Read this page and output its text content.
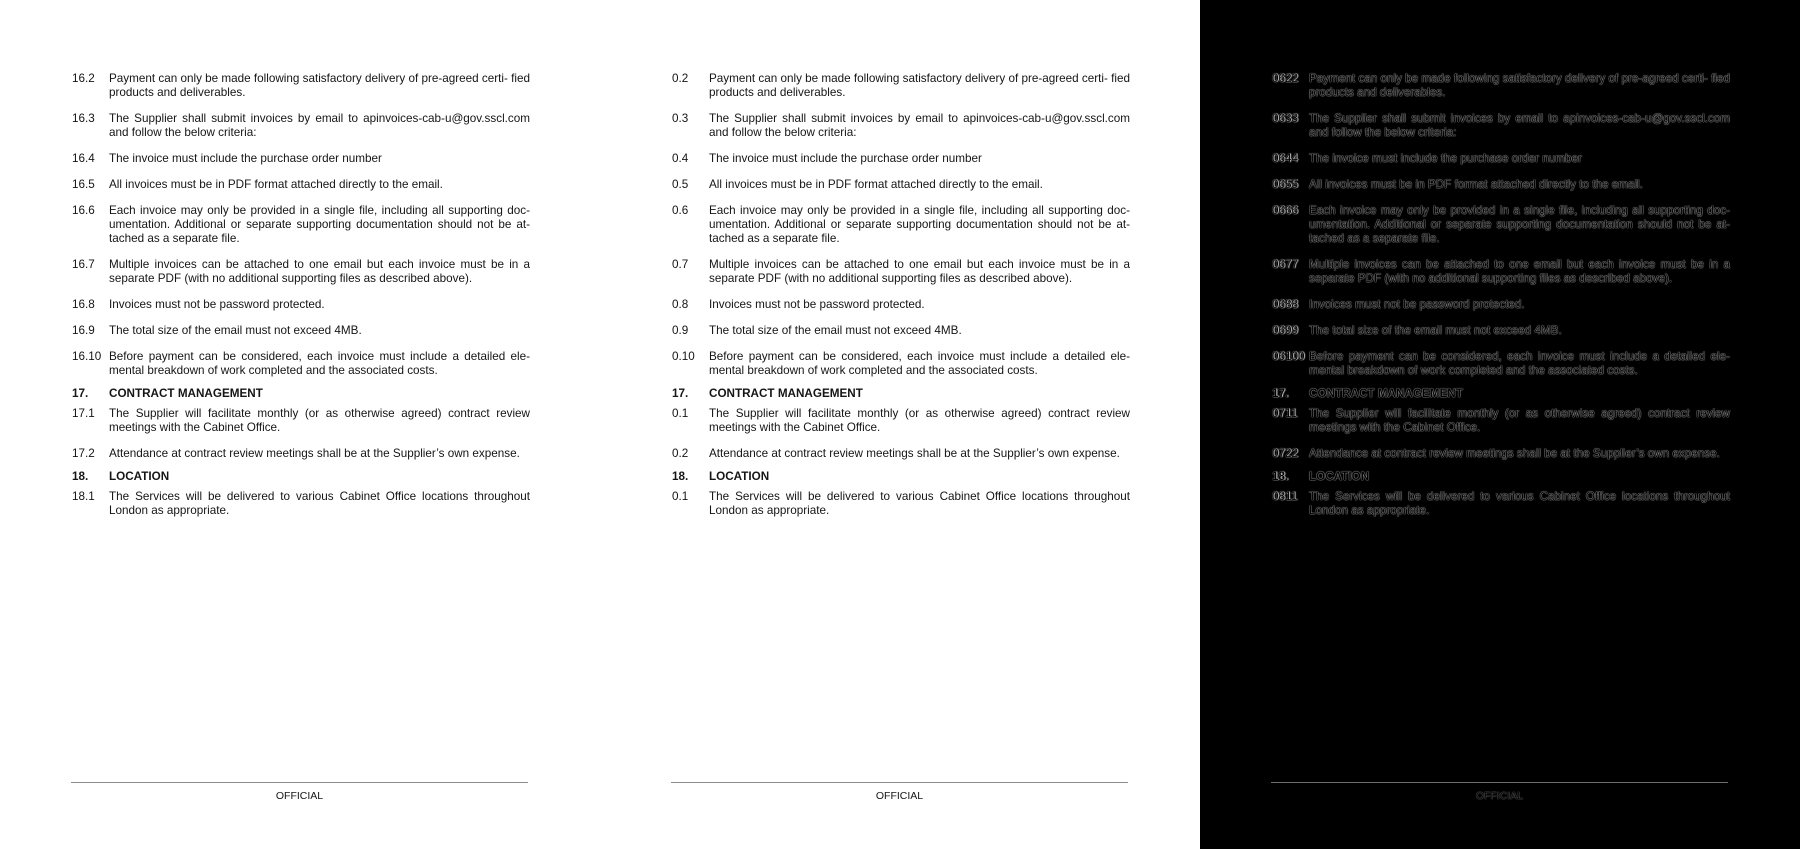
16.2	Payment can only be made following satisfactory delivery of pre-agreed certi- fied products and deliverables.
16.3	The Supplier shall submit invoices by email to apinvoices-cab-u@gov.sscl.com and follow the below criteria:
16.4	The invoice must include the purchase order number
16.5	All invoices must be in PDF format attached directly to the email.
16.6	Each invoice may only be provided in a single file, including all supporting doc- umentation. Additional or separate supporting documentation should not be at- tached as a separate file.
16.7	Multiple invoices can be attached to one email but each invoice must be in a separate PDF (with no additional supporting files as described above).
16.8	Invoices must not be password protected.
16.9	The total size of the email must not exceed 4MB.
16.10 Before payment can be considered, each invoice must include a detailed ele- mental breakdown of work completed and the associated costs.
17.	CONTRACT MANAGEMENT
17.1	The Supplier will facilitate monthly (or as otherwise agreed) contract review meetings with the Cabinet Office.
17.2	Attendance at contract review meetings shall be at the Supplier’s own expense.
18.	LOCATION
18.1	The Services will be delivered to various Cabinet Office locations throughout London as appropriate.
OFFICIAL
0.2	Payment can only be made following satisfactory delivery of pre-agreed certi- fied products and deliverables.
0.3	The Supplier shall submit invoices by email to apinvoices-cab-u@gov.sscl.com and follow the below criteria:
0.4	The invoice must include the purchase order number
0.5	All invoices must be in PDF format attached directly to the email.
0.6	Each invoice may only be provided in a single file, including all supporting doc- umentation. Additional or separate supporting documentation should not be at- tached as a separate file.
0.7	Multiple invoices can be attached to one email but each invoice must be in a separate PDF (with no additional supporting files as described above).
0.8	Invoices must not be password protected.
0.9	The total size of the email must not exceed 4MB.
0.10	Before payment can be considered, each invoice must include a detailed ele- mental breakdown of work completed and the associated costs.
17.	CONTRACT MANAGEMENT
0.1	The Supplier will facilitate monthly (or as otherwise agreed) contract review meetings with the Cabinet Office.
0.2	Attendance at contract review meetings shall be at the Supplier’s own expense.
18.	LOCATION
0.1	The Services will be delivered to various Cabinet Office locations throughout London as appropriate.
OFFICIAL
0622 Payment can only be made following satisfactory delivery of pre-agreed certi- fied products and deliverables.
0633 The Supplier shall submit invoices by email to apinvoices-cab-u@gov.sscl.com and follow the below criteria:
0644 The invoice must include the purchase order number
0655 All invoices must be in PDF format attached directly to the email.
0666 Each invoice may only be provided in a single file, including all supporting doc- umentation. Additional or separate supporting documentation should not be at- tached as a separate file.
0677 Multiple invoices can be attached to one email but each invoice must be in a separate PDF (with no additional supporting files as described above).
0688 Invoices must not be password protected.
0699 The total size of the email must not exceed 4MB.
06100 Before payment can be considered, each invoice must include a detailed ele- mental breakdown of work completed and the associated costs.
17.	CONTRACT MANAGEMENT
0711	The Supplier will facilitate monthly (or as otherwise agreed) contract review meetings with the Cabinet Office.
0722 Attendance at contract review meetings shall be at the Supplier’s own expense.
18.	LOCATION
0811	The Services will be delivered to various Cabinet Office locations throughout London as appropriate.
OFFICIAL
